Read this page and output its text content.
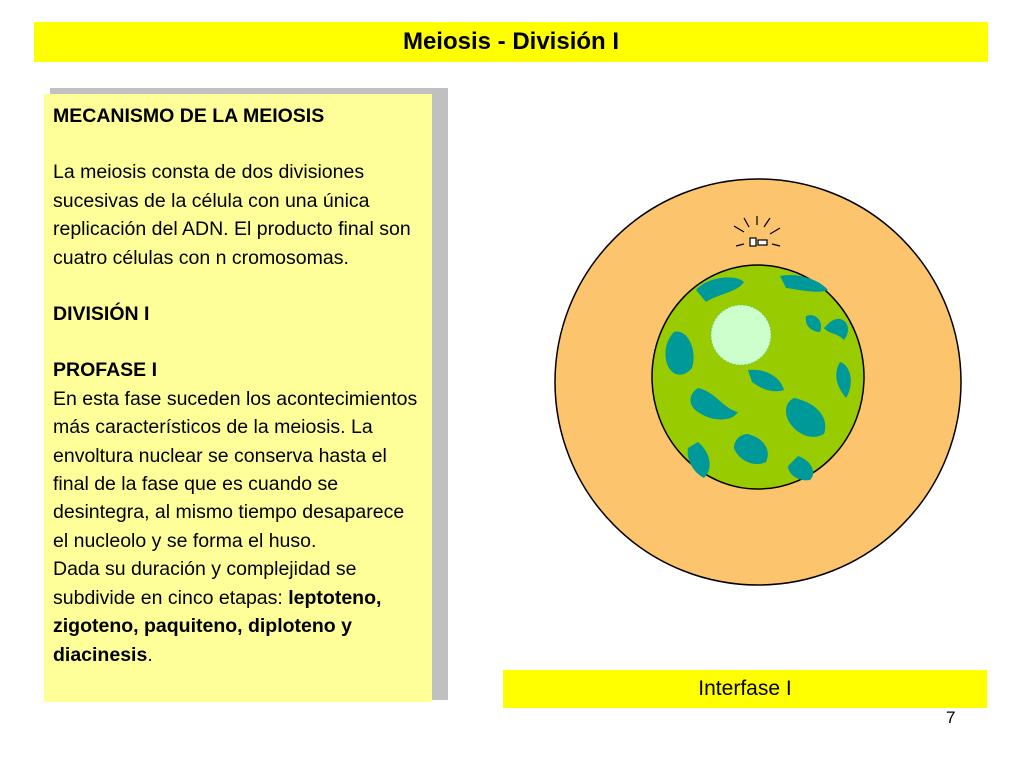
Meiosis - División I

MECANISMO DE LA MEIOSIS

La meiosis consta de dos divisiones sucesivas de la célula con una única replicación del ADN. El producto final son cuatro células con n cromosomas.

DIVISIÓN I

PROFASE I

En esta fase suceden los acontecimientos más característicos de la meiosis. La envoltura nuclear se conserva hasta el final de la fase que es cuando se desintegra, al mismo tiempo desaparece el nucleolo y se forma el huso.

Dada su duración y complejidad se subdivide en cinco etapas: leptoteno, zigoteno, paquiteno, diploteno y diacinesis.

Interfase I
7
